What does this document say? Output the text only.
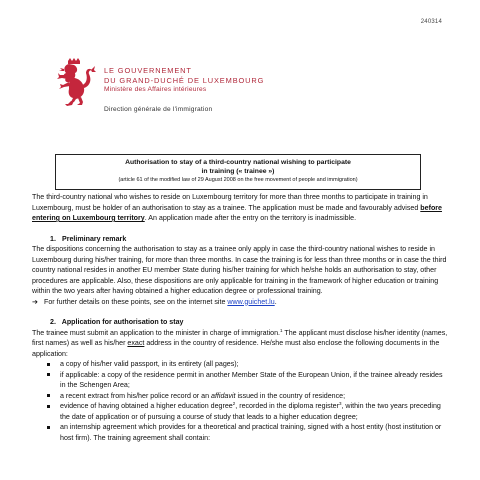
240314
LE GOUVERNEMENT
DU GRAND-DUCHÉ DE LUXEMBOURG
Ministère des Affaires intérieures
Direction générale de l'immigration
Authorisation to stay of a third-country national wishing to participate
in training (« trainee »)
(article 61 of the modified law of 29 August 2008 on the free movement of people and immigration)

The third-country national who wishes to reside on Luxembourg territory for more than three months to participate in training in Luxembourg, must be holder of an authorisation to stay as a trainee. The application must be made and favourably advised before entering on Luxembourg territory. An application made after the entry on the territory is inadmissible.

1. Preliminary remark

The dispositions concerning the authorisation to stay as a trainee only apply in case the third-country national wishes to reside in Luxembourg during his/her training, for more than three months. In case the training is for less than three months or in case the third country national resides in another EU member State during his/her training for which he/she holds an authorisation to stay, other procedures are applicable. Also, these dispositions are only applicable for training in the framework of higher education or training within the two years after having obtained a higher education degree or professional training.

➔ For further details on these points, see on the internet site www.guichet.lu.

2. Application for authorisation to stay

The trainee must submit an application to the minister in charge of immigration.$^1$ The applicant must disclose his/her identity (names, first names) as well as his/her exact address in the country of residence. He/she must also enclose the following documents in the application:

a copy of his/her valid passport, in its entirety (all pages);
if applicable: a copy of the residence permit in another Member State of the European Union, if the trainee already resides in the Schengen Area;
a recent extract from his/her police record or an affidavit issued in the country of residence;
evidence of having obtained a higher education degree$^2$, recorded in the diploma register$^3$, within the two years preceding the date of application or of pursuing a course of study that leads to a higher education degree;
an internship agreement which provides for a theoretical and practical training, signed with a host entity (host institution or host firm). The training agreement shall contain:
